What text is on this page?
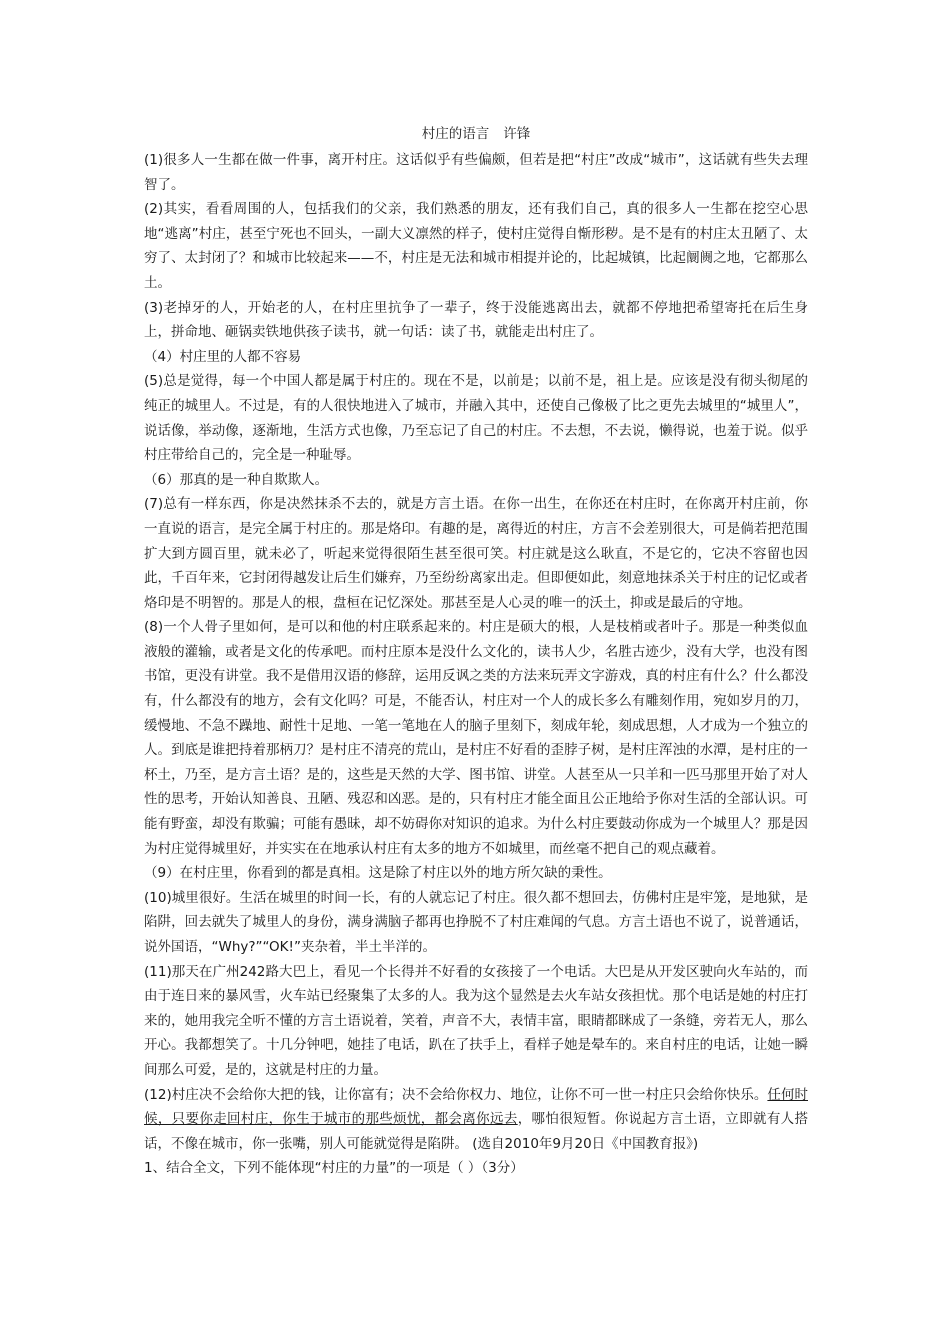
村庄的语言 许锋

(1)很多人一生都在做一件事，离开村庄。这话似乎有些偏颇，但若是把“村庄”改成“城市”，这话就有些失去理智了。

(2)其实，看看周围的人，包括我们的父亲，我们熟悉的朋友，还有我们自己，真的很多人一生都在挖空心思地“逃离”村庄，甚至宁死也不回头，一副大义凛然的样子，使村庄觉得自惭形秽。是不是有的村庄太丑陋了、太穷了、太封闭了？和城市比较起来——不，村庄是无法和城市相提并论的，比起城镇，比起阛阓之地，它都那么土。

(3)老掉牙的人，开始老的人，在村庄里抗争了一辈子，终于没能逃离出去，就都不停地把希望寄托在后生身上，拼命地、砸锅卖铁地供孩子读书，就一句话：读了书，就能走出村庄了。

（4）村庄里的人都不容易

(5)总是觉得，每一个中国人都是属于村庄的。现在不是，以前是；以前不是，祖上是。应该是没有彻头彻尾的纯正的城里人。不过是，有的人很快地进入了城市，并融入其中，还使自己像极了比之更先去城里的“城里人”，说话像，举动像，逐渐地，生活方式也像，乃至忘记了自己的村庄。不去想，不去说，懒得说，也羞于说。似乎村庄带给自己的，完全是一种耻辱。

（6）那真的是一种自欺欺人。

(7)总有一样东西，你是决然抹杀不去的，就是方言土语。在你一出生，在你还在村庄时，在你离开村庄前，你一直说的语言，是完全属于村庄的。那是烙印。有趣的是，离得近的村庄，方言不会差别很大，可是倘若把范围扩大到方圆百里，就未必了，听起来觉得很陌生甚至很可笑。村庄就是这么耿直，不是它的，它决不容留也因此，千百年来，它封闭得越发让后生们嫌弃，乃至纷纷离家出走。但即便如此，刻意地抹杀关于村庄的记忆或者烙印是不明智的。那是人的根，盘桓在记忆深处。那甚至是人心灵的唯一的沃土，抑或是最后的守地。

(8)一个人骨子里如何，是可以和他的村庄联系起来的。村庄是硕大的根，人是枝梢或者叶子。那是一种类似血液般的灌输，或者是文化的传承吧。而村庄原本是没什么文化的，读书人少，名胜古迹少，没有大学，也没有图书馆，更没有讲堂。我不是借用汉语的修辞，运用反讽之类的方法来玩弄文字游戏，真的村庄有什么？什么都没有，什么都没有的地方，会有文化吗？可是，不能否认，村庄对一个人的成长多么有雕刻作用，宛如岁月的刀，缓慢地、不急不躁地、耐性十足地、一笔一笔地在人的脑子里刻下，刻成年轮，刻成思想，人才成为一个独立的人。到底是谁把持着那柄刀？是村庄不清亮的荒山，是村庄不好看的歪脖子树，是村庄浑浊的水潭，是村庄的一杯土，乃至，是方言土语？是的，这些是天然的大学、图书馆、讲堂。人甚至从一只羊和一匹马那里开始了对人性的思考，开始认知善良、丑陋、残忍和凶恶。是的，只有村庄才能全面且公正地给予你对生活的全部认识。可能有野蛮，却没有欺骗；可能有愚昧，却不妨碍你对知识的追求。为什么村庄要鼓动你成为一个城里人？那是因为村庄觉得城里好，并实实在在地承认村庄有太多的地方不如城里，而丝毫不把自己的观点藏着。

（9）在村庄里，你看到的都是真相。这是除了村庄以外的地方所欠缺的秉性。

(10)城里很好。生活在城里的时间一长，有的人就忘记了村庄。很久都不想回去，仿佛村庄是牢笼，是地狱，是陷阱，回去就失了城里人的身份，满身满脑子都再也挣脱不了村庄难闻的气息。方言土语也不说了，说普通话，说外国语，“Why?”“OK!”夹杂着，半土半洋的。

(11)那天在广州242路大巴上，看见一个长得并不好看的女孩接了一个电话。大巴是从开发区驶向火车站的，而由于连日来的暴风雪，火车站已经聚集了太多的人。我为这个显然是去火车站女孩担忧。那个电话是她的村庄打来的，她用我完全听不懂的方言土语说着，笑着，声音不大，表情丰富，眼睛都眯成了一条缝，旁若无人，那么开心。我都想笑了。十几分钟吧，她挂了电话，趴在了扶手上，看样子她是晕车的。来自村庄的电话，让她一瞬间那么可爱，是的，这就是村庄的力量。

(12)村庄决不会给你大把的钱，让你富有；决不会给你权力、地位，让你不可一世一村庄只会给你快乐。任何时候，只要你走回村庄，你生于城市的那些烦忧，都会离你远去，哪怕很短暂。你说起方言土语，立即就有人搭话，不像在城市，你一张嘴，别人可能就觉得是陷阱。 (选自2010年9月20日《中国教育报》)

1、结合全文，下列不能体现“村庄的力量”的一项是（ ）（3分）
